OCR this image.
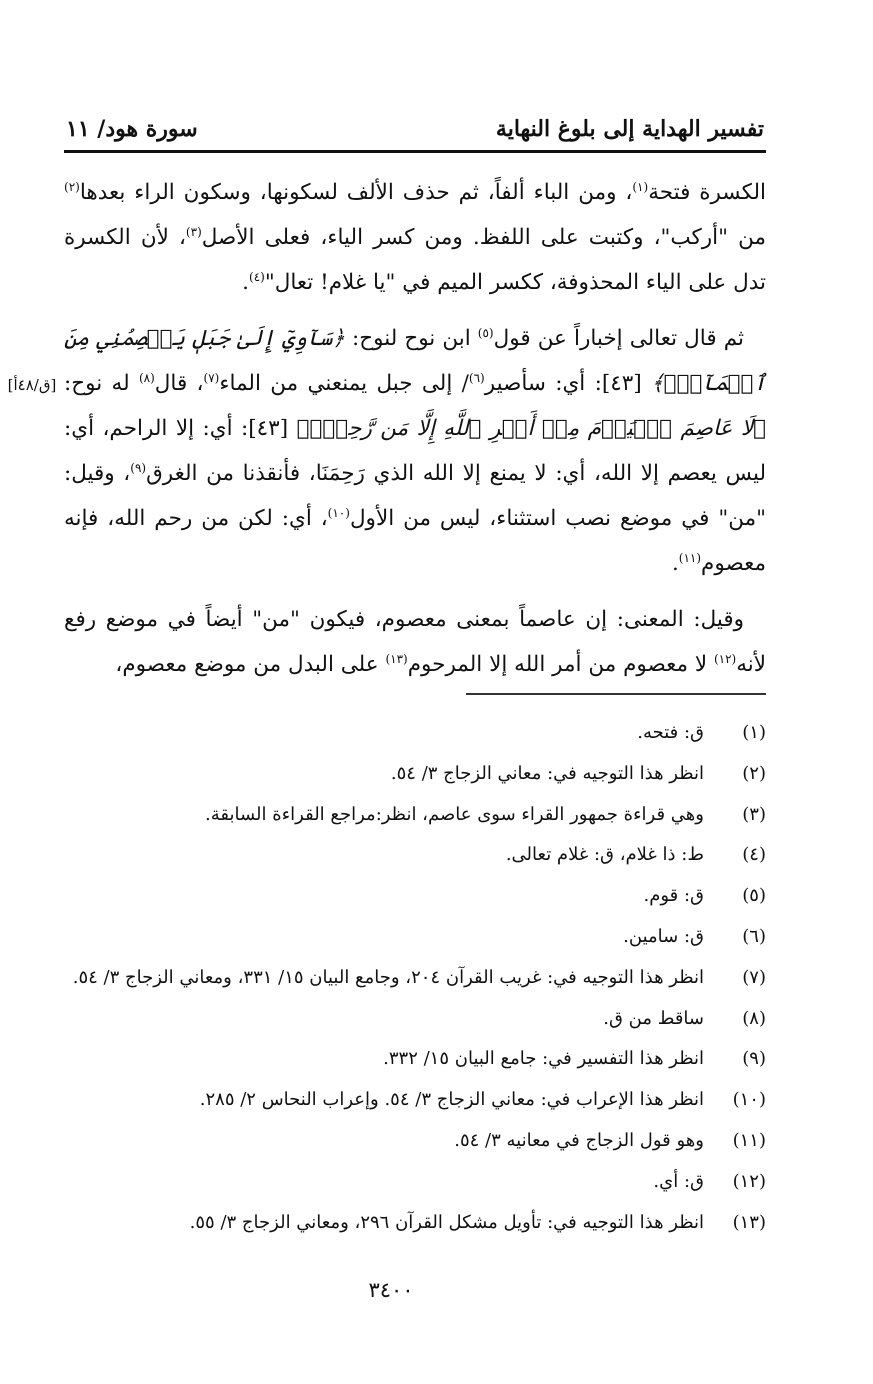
تفسير الهداية إلى بلوغ النهاية
سورة هود/ ١١
[ق/٤٨أ]

الكسرة فتحة$^{(١)}$، ومن الباء ألفاً، ثم حذف الألف لسكونها، وسكون الراء بعدها$^{(٢)}$ من "أركب"، وكتبت على اللفظ. ومن كسر الياء، فعلى الأصل$^{(٣)}$، لأن الكسرة تدل على الياء المحذوفة، ككسر الميم في "يا غلام! تعال"$^{(٤)}$.

ثم قال تعالى إخباراً عن قول$^{(٥)}$ ابن نوح لنوح: ﴿سَآوِيٓ إِلَىٰ جَبَلٖ يَعۡصِمُنِي مِنَ ٱلۡمَآءِۚ﴾ [٤٣]: أي: سأصير$^{(٦)}$/ إلى جبل يمنعني من الماء$^{(٧)}$، قال$^{(٨)}$ له نوح: ﴿لَا عَاصِمَ ٱلۡيَوۡمَ مِنۡ أَمۡرِ ٱللَّهِ إِلَّا مَن رَّحِمَۚ﴾ [٤٣]: أي: إلا الراحم، أي: ليس يعصم إلا الله، أي: لا يمنع إلا الله الذي رَحِمَنَا، فأنقذنا من الغرق$^{(٩)}$، وقيل: "من" في موضع نصب استثناء، ليس من الأول$^{(١٠)}$، أي: لكن من رحم الله، فإنه معصوم$^{(١١)}$.

وقيل: المعنى: إن عاصماً بمعنى معصوم، فيكون "من" أيضاً في موضع رفع لأنه$^{(١٢)}$ لا معصوم من أمر الله إلا المرحوم$^{(١٣)}$ على البدل من موضع معصوم،

(١)
ق: فتحه.
(٢)
انظر هذا التوجيه في: معاني الزجاج ٣/ ٥٤.
(٣)
وهي قراءة جمهور القراء سوى عاصم، انظر:مراجع القراءة السابقة.
(٤)
ط: ذا غلام، ق: غلام تعالى.
(٥)
ق: قوم.
(٦)
ق: سامين.
(٧)
انظر هذا التوجيه في: غريب القرآن ٢٠٤، وجامع البيان ١٥/ ٣٣١، ومعاني الزجاج ٣/ ٥٤.
(٨)
ساقط من ق.
(٩)
انظر هذا التفسير في: جامع البيان ١٥/ ٣٣٢.
(١٠)
انظر هذا الإعراب في: معاني الزجاج ٣/ ٥٤. وإعراب النحاس ٢/ ٢٨٥.
(١١)
وهو قول الزجاج في معانيه ٣/ ٥٤.
(١٢)
ق: أي.
(١٣)
انظر هذا التوجيه في: تأويل مشكل القرآن ٢٩٦، ومعاني الزجاج ٣/ ٥٥.
٣٤٠٠
